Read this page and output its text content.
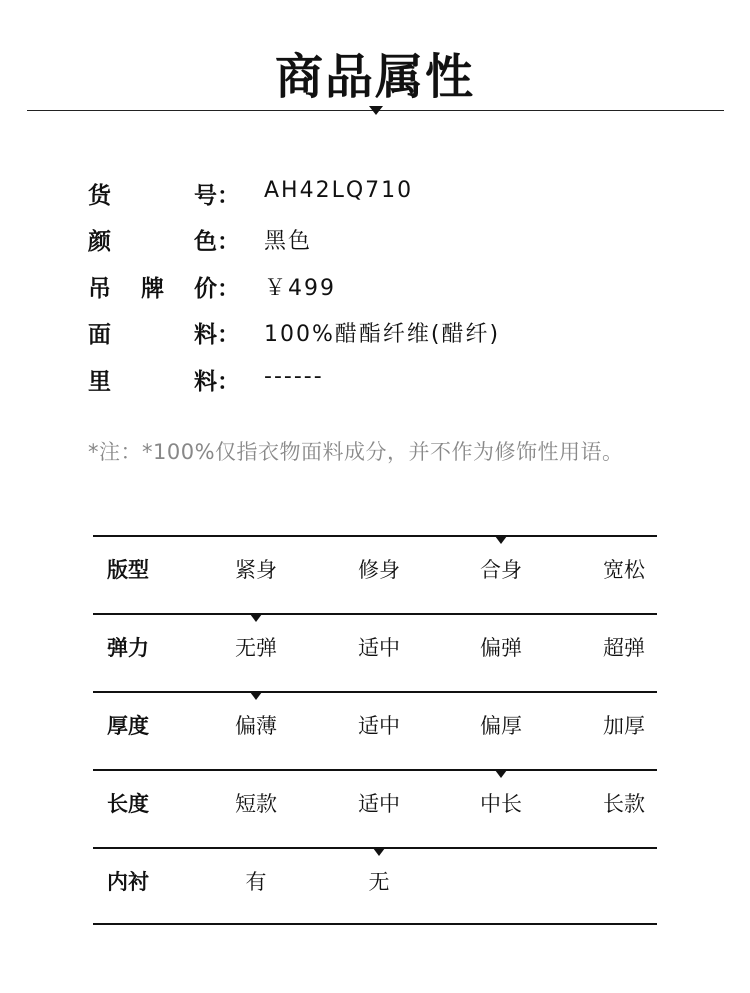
商品属性
货	号： AH42LQ710
颜	色： 黑色
吊 牌 价： ￥499
面	料： 100%醋酯纤维(醋纤)
里	料： ------
*注：*100%仅指衣物面料成分，并不作为修饰性用语。
版型	紧身	修身	合身	宽松
弹力	无弹	适中	偏弹	超弹
厚度	偏薄	适中	偏厚	加厚
长度	短款	适中	中长	长款
内衬	有	无
